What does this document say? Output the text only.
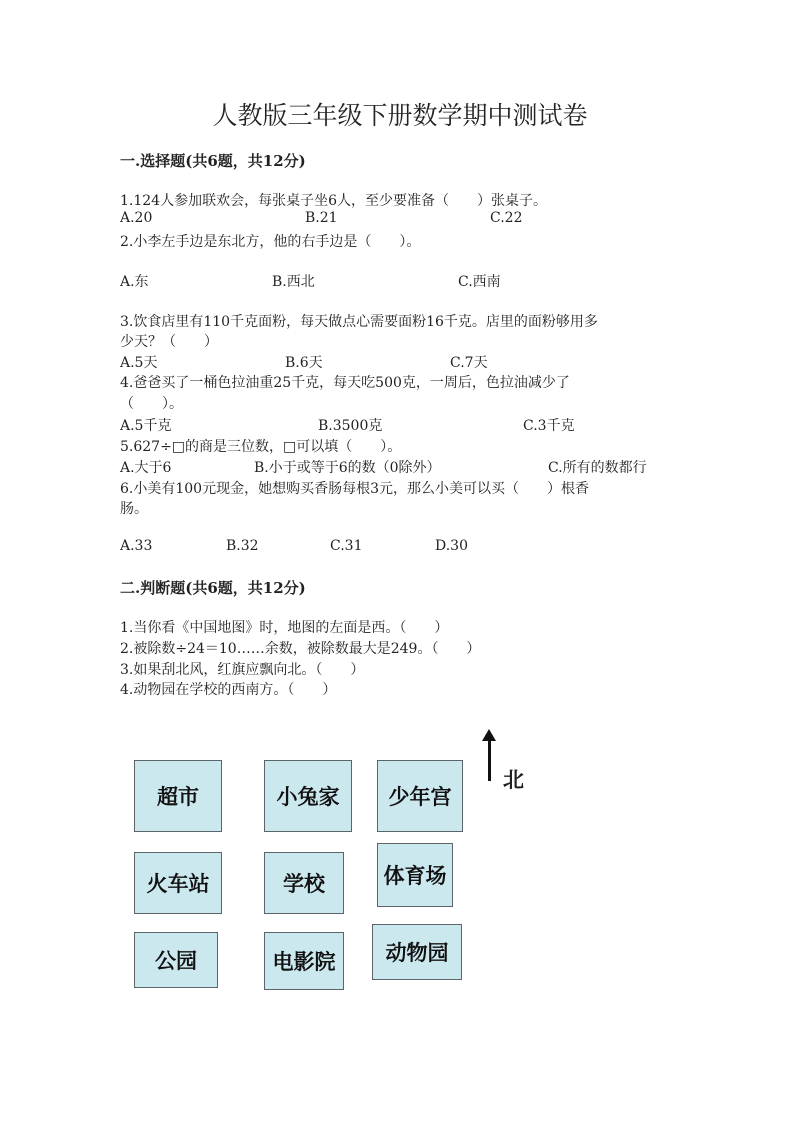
人教版三年级下册数学期中测试卷
一.选择题(共6题，共12分)
1.124人参加联欢会，每张桌子坐6人，至少要准备（　　）张桌子。
A.20	B.21	C.22
2.小李左手边是东北方，他的右手边是（　　）。
A.东	B.西北	C.西南
3.饮食店里有110千克面粉，每天做点心需要面粉16千克。店里的面粉够用多
少天？（　　）
A.5天	B.6天	C.7天
4.爸爸买了一桶色拉油重25千克，每天吃500克，一周后，色拉油减少了
（　　）。
A.5千克	B.3500克	C.3千克
5.627÷□的商是三位数，□可以填（　　）。
A.大于6	B.小于或等于6的数（0除外）	C.所有的数都行
6.小美有100元现金，她想购买香肠每根3元，那么小美可以买（　　）根香
肠。
A.33	B.32	C.31	D.30
二.判断题(共6题，共12分)
1.当你看《中国地图》时，地图的左面是西。（　　）
2.被除数÷24＝10……余数，被除数最大是249。（　　）
3.如果刮北风，红旗应飘向北。（　　）
4.动物园在学校的西南方。（　　）
北
超市	小兔家	少年宫
火车站	学校	体育场
公园	电影院	动物园
